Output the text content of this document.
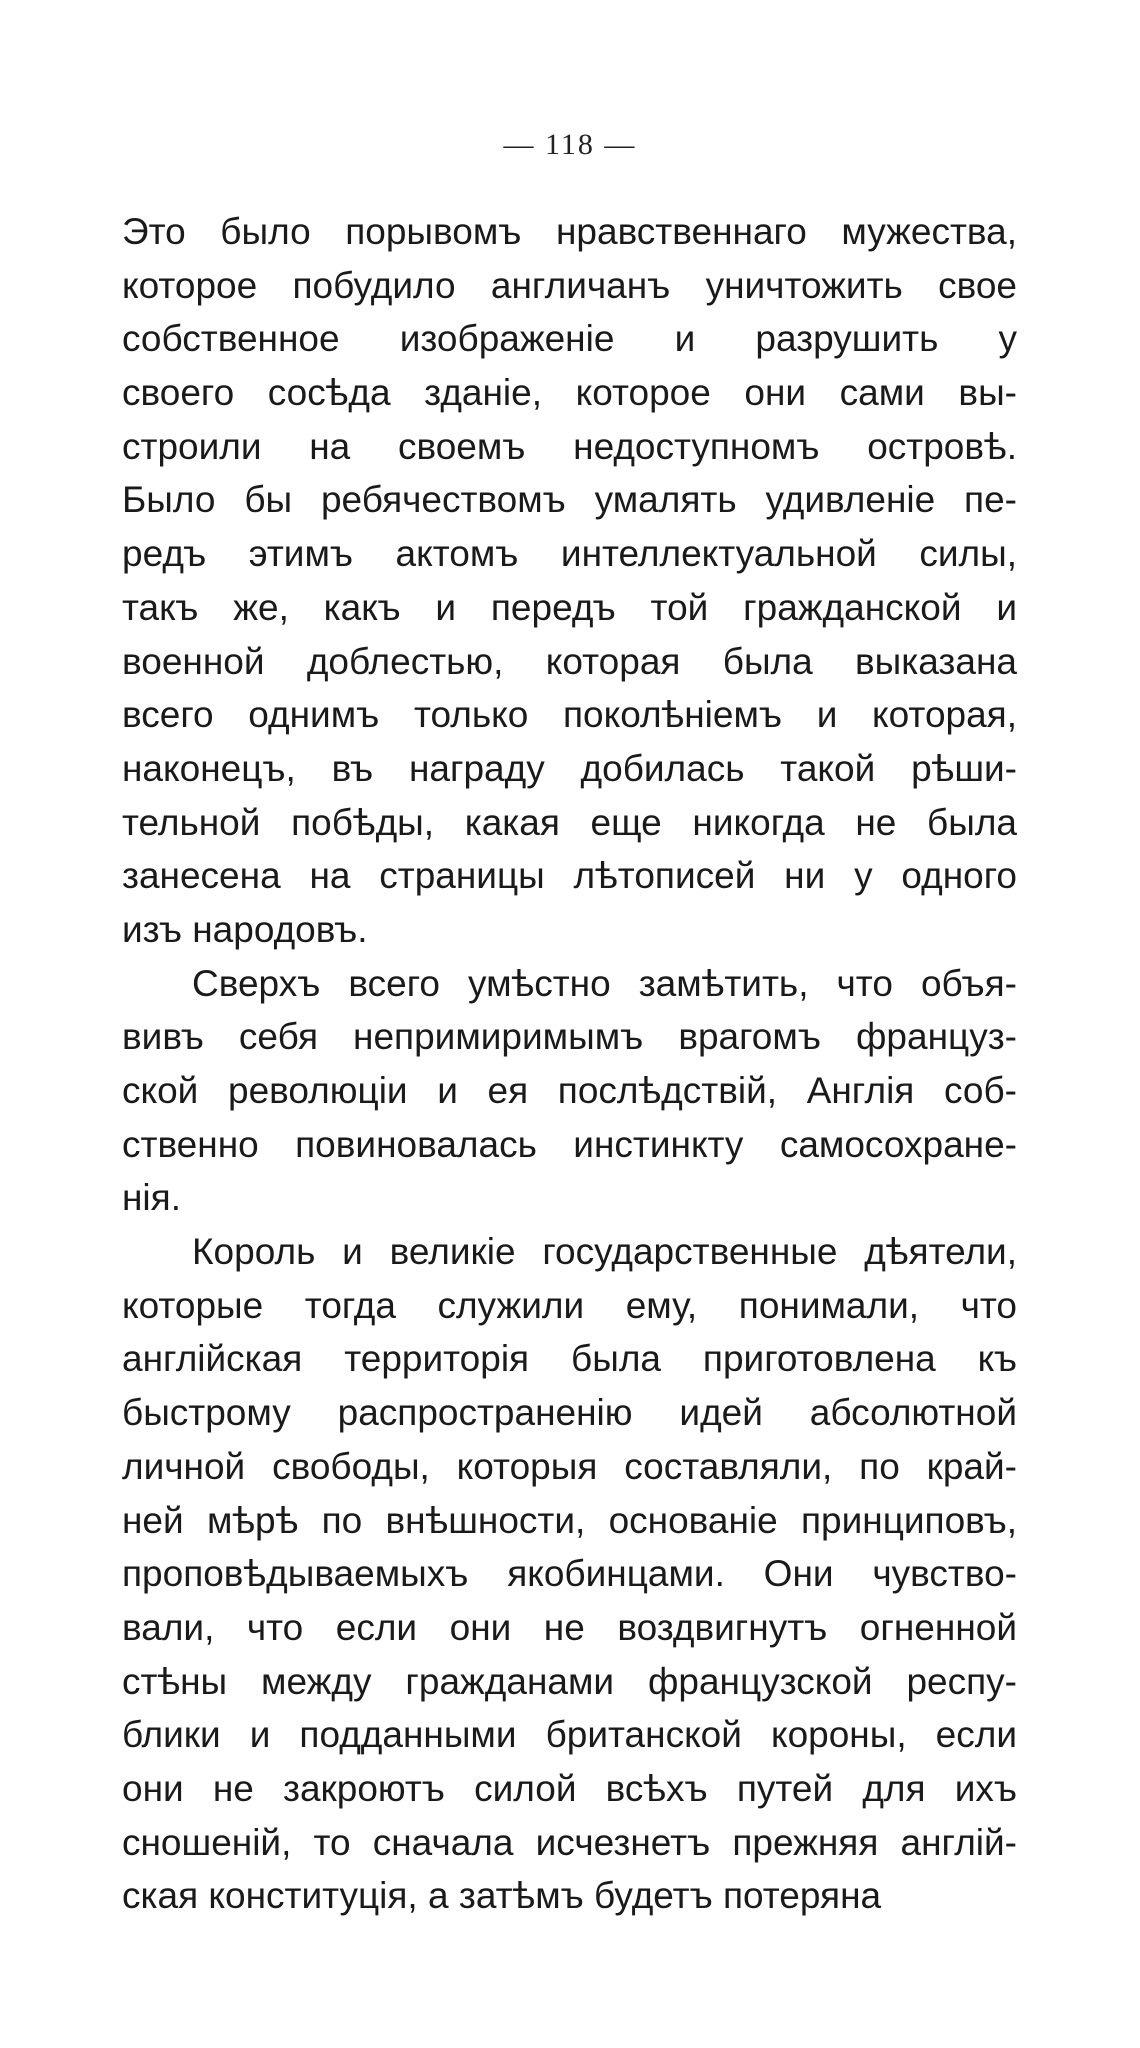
— 118 —
Это было порывомъ нравственнаго мужества,
которое побудило англичанъ уничтожить свое
собственное изображеніе и разрушить у
своего сосѣда зданіе, которое они сами вы-
строили на своемъ недоступномъ островѣ.
Было бы ребячествомъ умалять удивленіе пе-
редъ этимъ актомъ интеллектуальной силы,
такъ же, какъ и передъ той гражданской и
военной доблестью, которая была выказана
всего однимъ только поколѣніемъ и которая,
наконецъ, въ награду добилась такой рѣши-
тельной побѣды, какая еще никогда не была
занесена на страницы лѣтописей ни у одного
изъ народовъ.
Сверхъ всего умѣстно замѣтить, что объя-
вивъ себя непримиримымъ врагомъ француз-
ской революціи и ея послѣдствій, Англія соб-
ственно повиновалась инстинкту самосохране-
нія.
Король и великіе государственные дѣятели,
которые тогда служили ему, понимали, что
англійская территорія была приготовлена къ
быстрому распространенію идей абсолютной
личной свободы, которыя составляли, по край-
ней мѣрѣ по внѣшности, основаніе принциповъ,
проповѣдываемыхъ якобинцами. Они чувство-
вали, что если они не воздвигнутъ огненной
стѣны между гражданами французской респу-
блики и подданными британской короны, если
они не закроютъ силой всѣхъ путей для ихъ
сношеній, то сначала исчезнетъ прежняя англій-
ская конституція, а затѣмъ будетъ потеряна
